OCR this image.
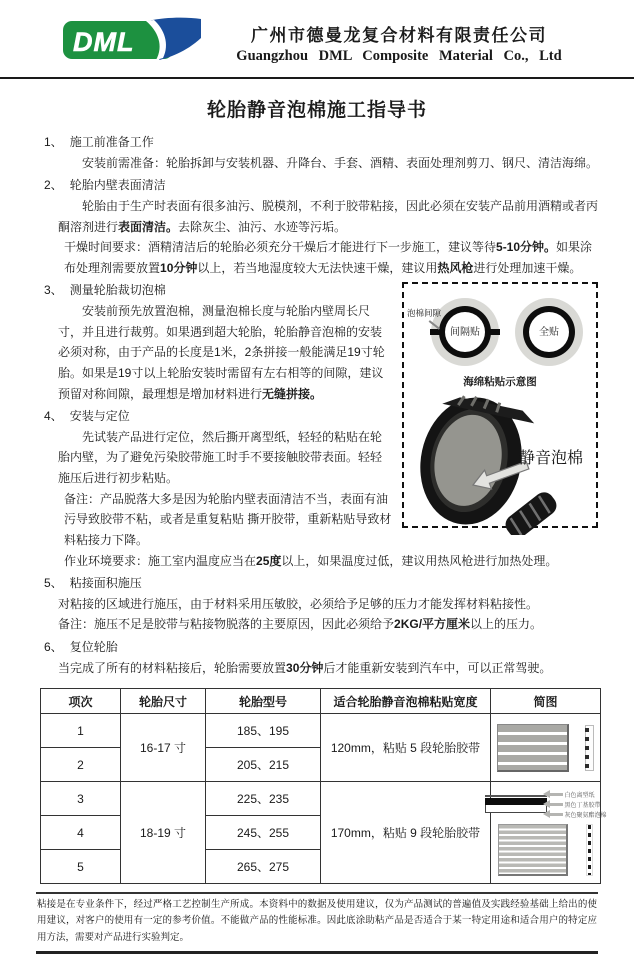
DML	广州市德曼龙复合材料有限责任公司
Guangzhou DML Composite Material Co., Ltd
轮胎静音泡棉施工指导书
1、 施工前准备工作
安装前需准备：轮胎拆卸与安装机器、升降台、手套、酒精、表面处理剂剪刀、钢尺、清洁海绵。
2、 轮胎内壁表面清洁
轮胎由于生产时表面有很多油污、脱模剂，不利于胶带粘接，因此必须在安装产品前用酒精或者丙酮溶剂进行表面清洁。去除灰尘、油污、水迹等污垢。
干燥时间要求：酒精清洁后的轮胎必须充分干燥后才能进行下一步施工，建议等待5-10分钟。如果涂布处理剂需要放置10分钟以上，若当地湿度较大无法快速干燥，建议用热风枪进行处理加速干燥。
间隔贴	全贴
泡棉间隙
海绵粘贴示意图
静音泡棉
3、 测量轮胎裁切泡棉
安装前预先放置泡棉，测量泡棉长度与轮胎内壁周长尺寸，并且进行裁剪。如果遇到超大轮胎，轮胎静音泡棉的安装必须对称，由于产品的长度是1米，2条拼接一般能满足19寸轮胎。如果是19寸以上轮胎安装时需留有左右相等的间隙，建议预留对称间隙，最理想是增加材料进行无缝拼接。
4、 安装与定位
先试装产品进行定位，然后撕开离型纸，轻轻的粘贴在轮胎内壁，为了避免污染胶带施工时手不要接触胶带表面。轻轻施压后进行初步粘贴。
备注：产品脱落大多是因为轮胎内壁表面清洁不当，表面有油污导致胶带不粘，或者是重复粘贴 撕开胶带，重新粘贴导致材料粘接力下降。
作业环境要求：施工室内温度应当在25度以上，如果温度过低，建议用热风枪进行加热处理。
5、 粘接面积施压
对粘接的区域进行施压，由于材料采用压敏胶，必须给予足够的压力才能发挥材料粘接性。
备注：施压不足是胶带与粘接物脱落的主要原因，因此必须给予2KG/平方厘米以上的压力。
6、 复位轮胎
当完成了所有的材料粘接后，轮胎需要放置30分钟后才能重新安装到汽车中，可以正常驾驶。
项次	轮胎尺寸	轮胎型号	适合轮胎静音泡棉粘贴宽度	简图
1	16-17 寸	185、195	120mm，粘贴 5 段轮胎胶带	

2		205、215		
3	18-19 寸	225、235	170mm，粘贴 9 段轮胎胶带	白色离型纸
黑色丁基胶带
灰色聚氨酯泡棉

4		245、255		
5		265、275		
粘接是在专业条件下，经过严格工艺控制生产所成。本资料中的数据及使用建议，仅为产品测试的普遍值及实践经验基础上给出的使用建议，对客户的使用有一定的参考价值。不能做产品的性能标准。因此底涂助粘产品是否适合于某一特定用途和适合用户的特定应用方法，需要对产品进行实验判定。
